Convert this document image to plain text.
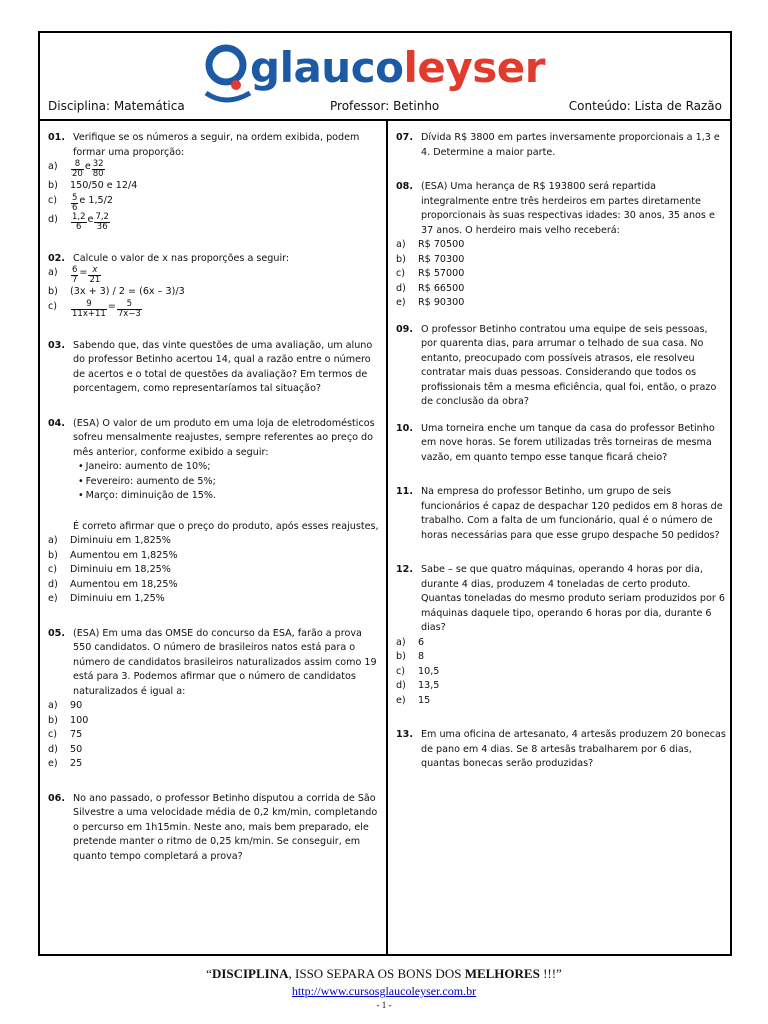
glaucoleyser
Disciplina: Matemática	Professor: Betinho	Conteúdo: Lista de Razão
01. Verifique se os números a seguir, na ordem exibida, podem formar uma proporção:
a)	$\frac{8}{20}$ e $\frac{32}{80}$
b)	150/50 e 12/4
c)	$\frac{5}{6}$ e 1,5/2
d)	$\frac{1,2}{6}$ e $\frac{7,2}{36}$
02. Calcule o valor de x nas proporções a seguir:
a)	$\frac{6}{7} = \frac{x}{21}$
b)	(3x + 3) / 2 = (6x – 3)/3
c)	$\frac{9}{11x+11} = \frac{5}{7x-3}$
03. Sabendo que, das vinte questões de uma avaliação, um aluno do professor Betinho acertou 14, qual a razão entre o número de acertos e o total de questões da avaliação? Em termos de porcentagem, como representaríamos tal situação?
04. (ESA) O valor de um produto em uma loja de eletrodomésticos sofreu mensalmente reajustes, sempre referentes ao preço do mês anterior, conforme exibido a seguir:
• Janeiro: aumento de 10%;
• Fevereiro: aumento de 5%;
• Março: diminuição de 15%.
É correto afirmar que o preço do produto, após esses reajustes,
a)	Diminuiu em 1,825%
b)	Aumentou em 1,825%
c)	Diminuiu em 18,25%
d)	Aumentou em 18,25%
e)	Diminuiu em 1,25%
05. (ESA) Em uma das OMSE do concurso da ESA, farão a prova 550 candidatos. O número de brasileiros natos está para o número de candidatos brasileiros naturalizados assim como 19 está para 3. Podemos afirmar que o número de candidatos naturalizados é igual a:
a)	90
b)	100
c)	75
d)	50
e)	25
06. No ano passado, o professor Betinho disputou a corrida de São Silvestre a uma velocidade média de 0,2 km/min, completando o percurso em 1h15min. Neste ano, mais bem preparado, ele pretende manter o ritmo de 0,25 km/min. Se conseguir, em quanto tempo completará a prova?
07. Dívida R$ 3800 em partes inversamente proporcionais a 1,3 e 4. Determine a maior parte.
08. (ESA) Uma herança de R$ 193800 será repartida integralmente entre três herdeiros em partes diretamente proporcionais às suas respectivas idades: 30 anos, 35 anos e 37 anos. O herdeiro mais velho receberá:
a)	R$ 70500
b)	R$ 70300
c)	R$ 57000
d)	R$ 66500
e)	R$ 90300
09. O professor Betinho contratou uma equipe de seis pessoas, por quarenta dias, para arrumar o telhado de sua casa. No entanto, preocupado com possíveis atrasos, ele resolveu contratar mais duas pessoas. Considerando que todos os profissionais têm a mesma eficiência, qual foi, então, o prazo de conclusão da obra?
10. Uma torneira enche um tanque da casa do professor Betinho em nove horas. Se forem utilizadas três torneiras de mesma vazão, em quanto tempo esse tanque ficará cheio?
11. Na empresa do professor Betinho, um grupo de seis funcionários é capaz de despachar 120 pedidos em 8 horas de trabalho. Com a falta de um funcionário, qual é o número de horas necessárias para que esse grupo despache 50 pedidos?
12. Sabe – se que quatro máquinas, operando 4 horas por dia, durante 4 dias, produzem 4 toneladas de certo produto. Quantas toneladas do mesmo produto seriam produzidos por 6 máquinas daquele tipo, operando 6 horas por dia, durante 6 dias?
a)	6
b)	8
c)	10,5
d)	13,5
e)	15
13. Em uma oficina de artesanato, 4 artesãs produzem 20 bonecas de pano em 4 dias. Se 8 artesãs trabalharem por 6 dias, quantas bonecas serão produzidas?
“DISCIPLINA, ISSO SEPARA OS BONS DOS MELHORES !!!”
http://www.cursosglaucoleyser.com.br
- 1 -
